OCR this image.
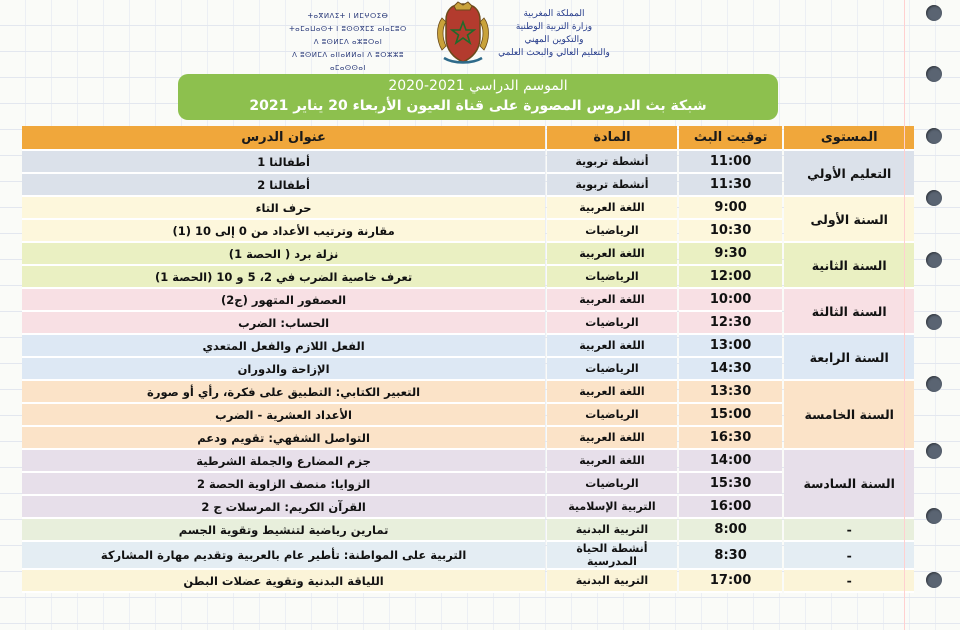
ⵜⴰⴳⵍⴷⵉⵜ ⵏ ⵍⵎⵖⵔⵉⴱ
ⵜⴰⵎⴰⵡⴰⵙⵜ ⵏ ⵓⵙⵙⴳⵎⵉ ⴰⵏⴰⵎⵓⵔ
ⴷ ⵓⵙⵍⵎⴷ ⴰⵣⵓⵔⴰⵏ
ⴷ ⵓⵙⵍⵎⴷ ⴰⵏⵏⴰⵍⵍⴰⵏ ⴷ ⵓⵔⵣⵣⵓ ⴰⵎⴰⵙⵙⴰⵏ
المملكة المغربية
وزارة التربية الوطنية
والتكوين المهني
والتعليم العالي والبحث العلمي
الموسم الدراسي 2021-2020
شبكة بث الدروس المصورة على قناة العيون الأربعاء 20 يناير 2021
المستوى	توقيت البث	المادة	عنوان الدرس
التعليم الأولي	11:00	أنشطة تربوية	أطفالنا 1
	11:30	أنشطة تربوية	أطفالنا 2
السنة الأولى	9:00	اللغة العربية	حرف التاء
	10:30	الرياضيات	مقارنة وترتيب الأعداد من 0 إلى 10 (1)
السنة الثانية	9:30	اللغة العربية	نزلة برد ( الحصة 1)
	12:00	الرياضيات	تعرف خاصية الضرب في 2، 5 و 10 (الحصة 1)
السنة الثالثة	10:00	اللغة العربية	العصفور المتهور (ج2)
	12:30	الرياضيات	الحساب: الضرب
السنة الرابعة	13:00	اللغة العربية	الفعل اللازم والفعل المتعدي
	14:30	الرياضيات	الإزاحة والدوران
السنة الخامسة	13:30	اللغة العربية	التعبير الكتابي: التطبيق على فكرة، رأي أو صورة
	15:00	الرياضيات	الأعداد العشرية - الضرب
	16:30	اللغة العربية	التواصل الشفهي: تقويم ودعم
السنة السادسة	14:00	اللغة العربية	جزم المضارع والجملة الشرطية
	15:30	الرياضيات	الزوايا: منصف الزاوية الحصة 2
	16:00	التربية الإسلامية	القرآن الكريم: المرسلات ج 2
-	8:00	التربية البدنية	تمارين رياضية لتنشيط وتقوية الجسم
-	8:30	أنشطة الحياة المدرسية	التربية على المواطنة: تأطير عام بالعربية وتقديم مهارة المشاركة
-	17:00	التربية البدنية	اللياقة البدنية وتقوية عضلات البطن
